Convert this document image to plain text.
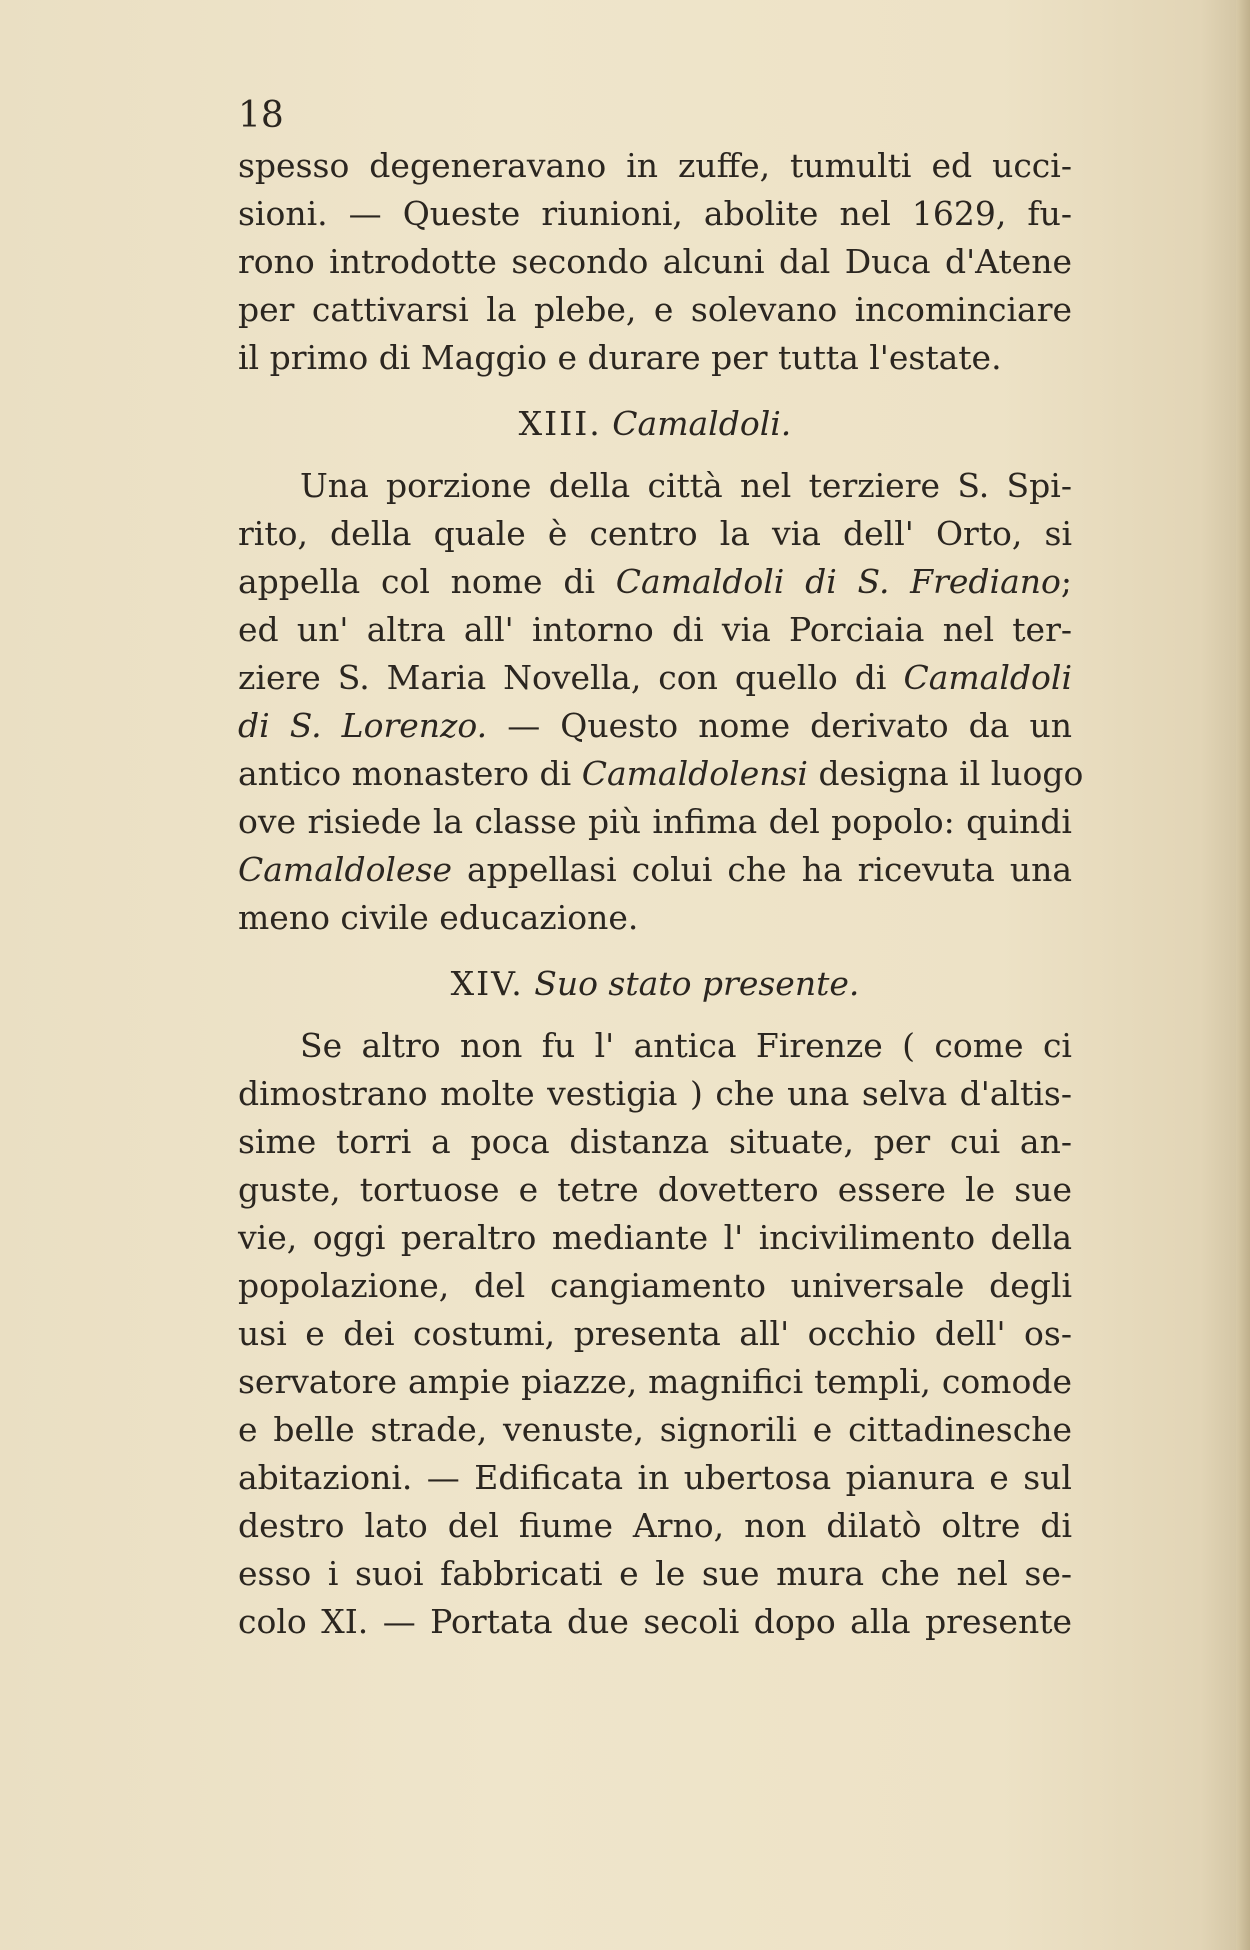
18
spesso degeneravano in zuffe, tumulti ed ucci-
sioni. — Queste riunioni, abolite nel 1629, fu-
rono introdotte secondo alcuni dal Duca d'Atene
per cattivarsi la plebe, e solevano incominciare
il primo di Maggio e durare per tutta l'estate.
XIII. Camaldoli.
Una porzione della città nel terziere S. Spi-
rito, della quale è centro la via dell' Orto, si
appella col nome di Camaldoli di S. Frediano;
ed un' altra all' intorno di via Porciaia nel ter-
ziere S. Maria Novella, con quello di Camaldoli
di S. Lorenzo. — Questo nome derivato da un
antico monastero di Camaldolensi designa il luogo
ove risiede la classe più infima del popolo: quindi
Camaldolese appellasi colui che ha ricevuta una
meno civile educazione.
XIV. Suo stato presente.
Se altro non fu l' antica Firenze ( come ci
dimostrano molte vestigia ) che una selva d'altis-
sime torri a poca distanza situate, per cui an-
guste, tortuose e tetre dovettero essere le sue
vie, oggi peraltro mediante l' incivilimento della
popolazione, del cangiamento universale degli
usi e dei costumi, presenta all' occhio dell' os-
servatore ampie piazze, magnifici templi, comode
e belle strade, venuste, signorili e cittadinesche
abitazioni. — Edificata in ubertosa pianura e sul
destro lato del fiume Arno, non dilatò oltre di
esso i suoi fabbricati e le sue mura che nel se-
colo XI. — Portata due secoli dopo alla presente
